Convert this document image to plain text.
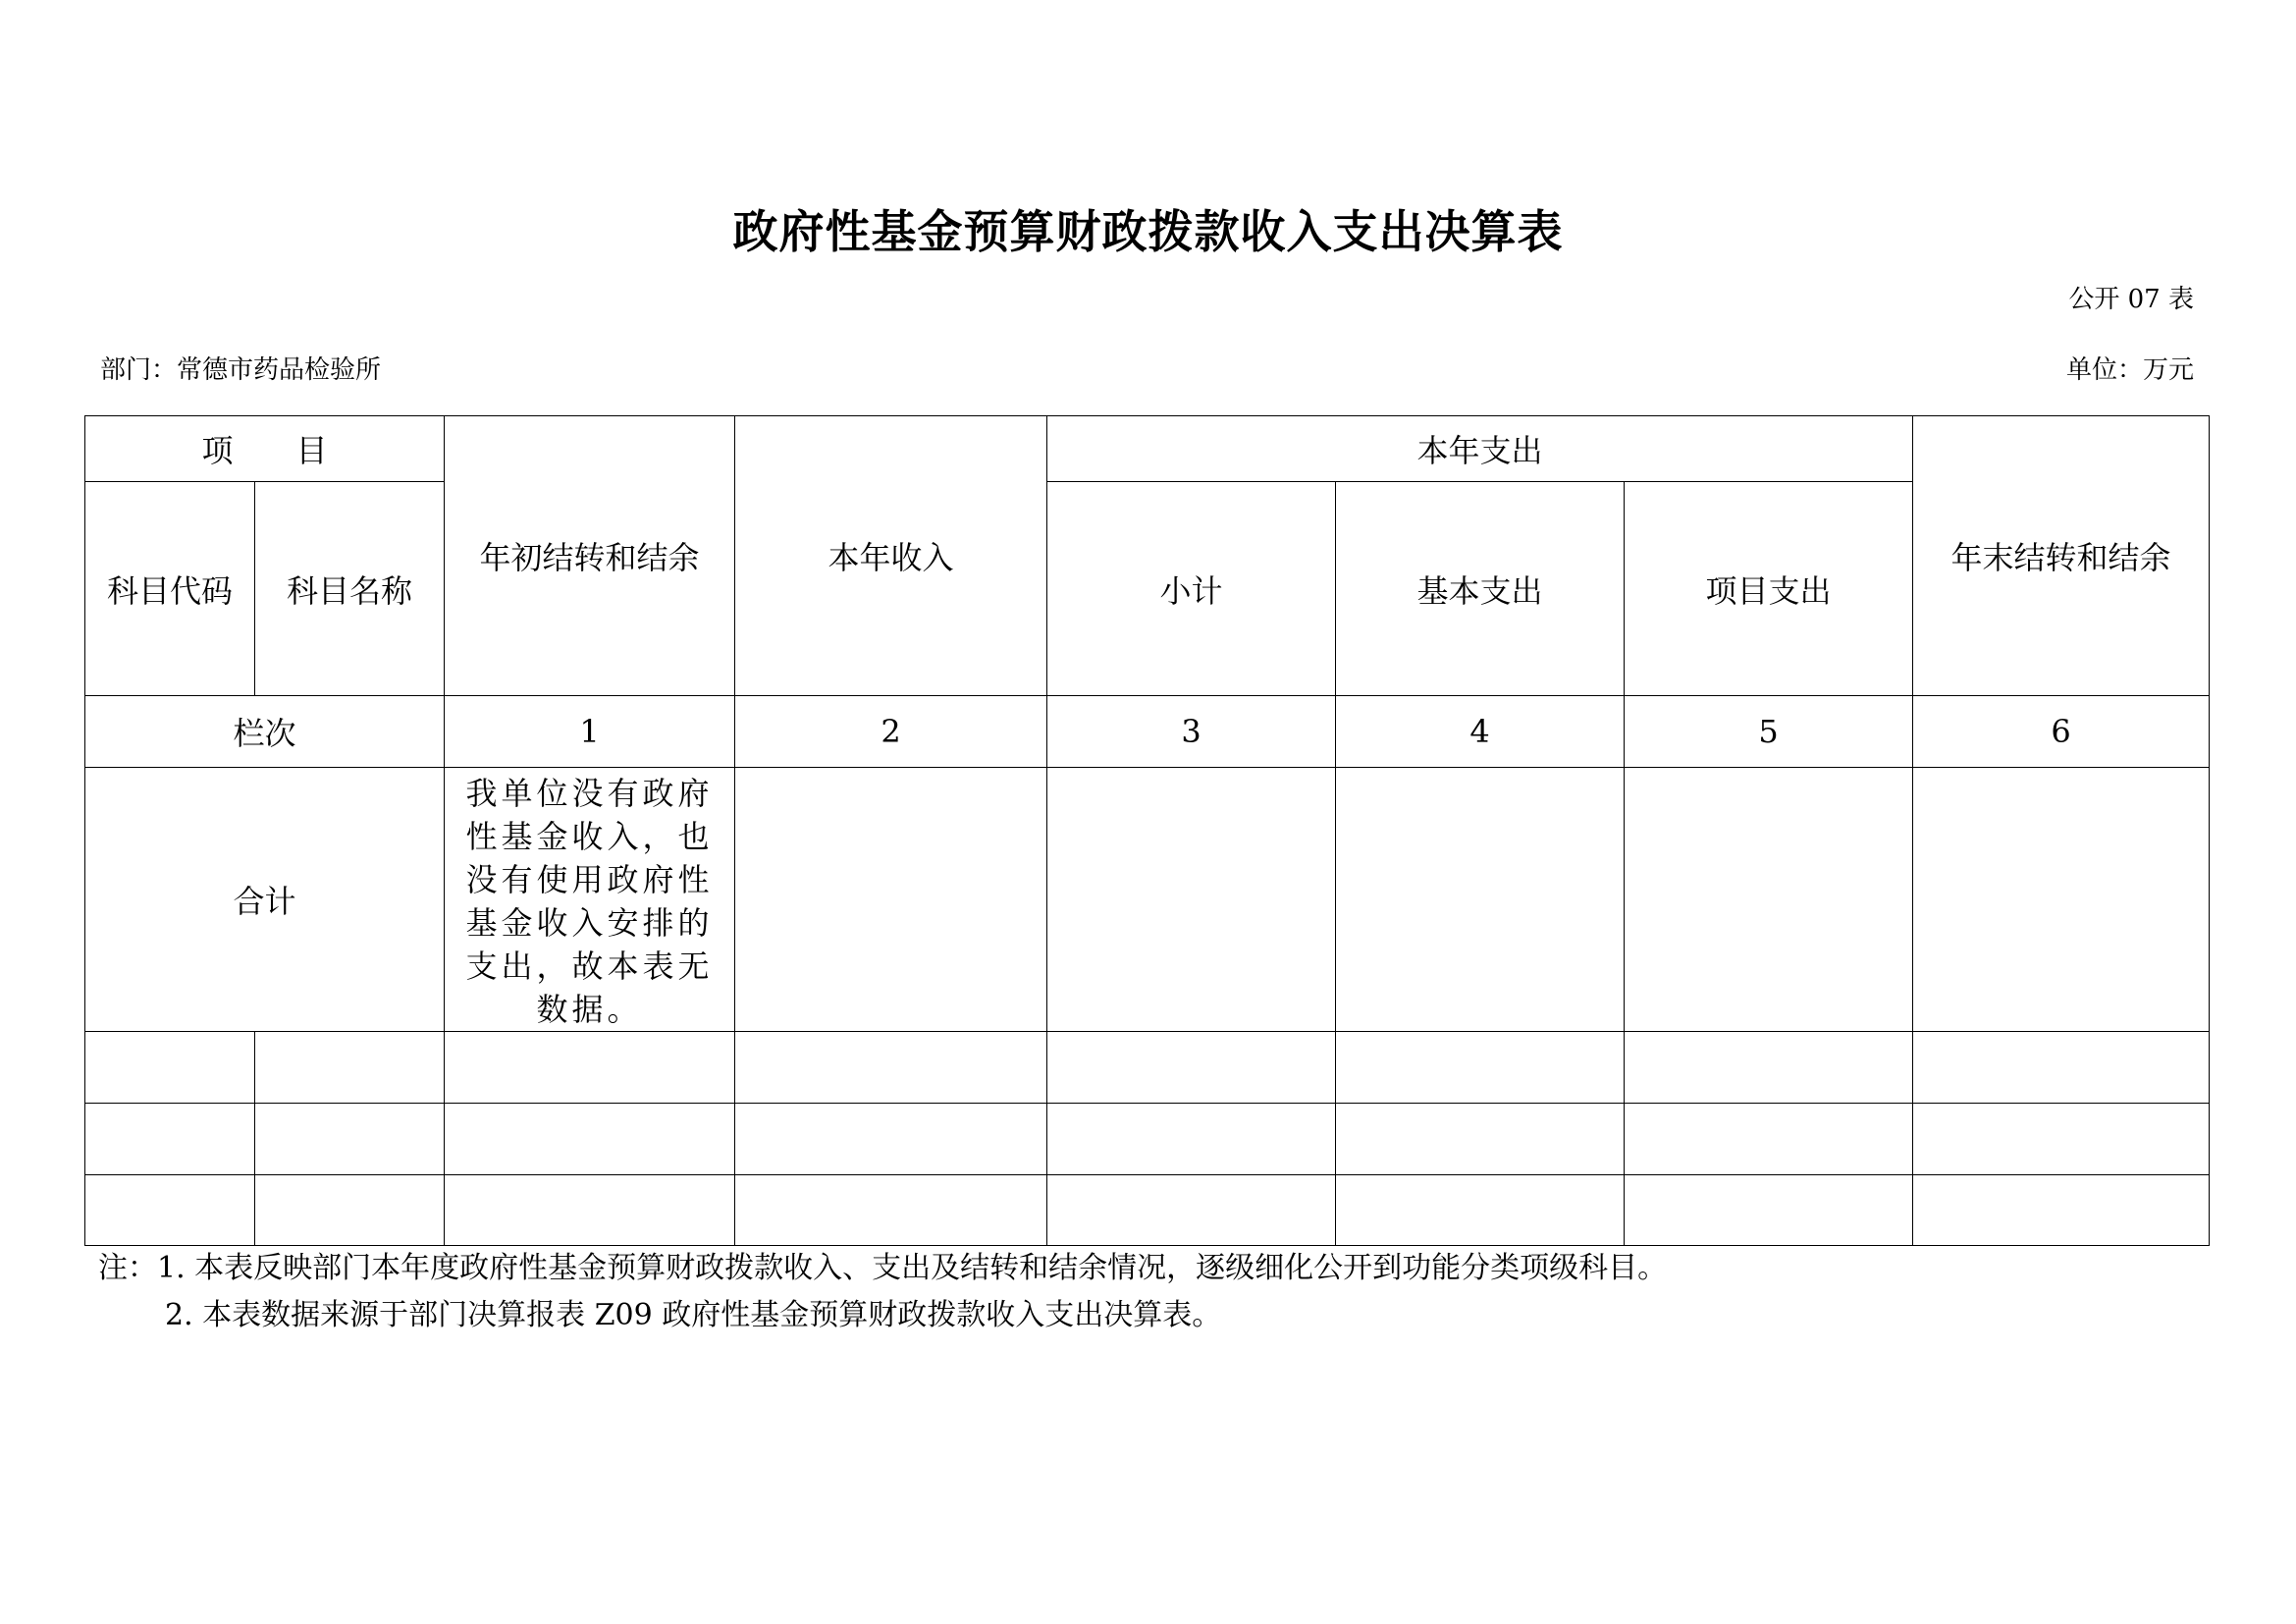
政府性基金预算财政拨款收入支出决算表
公开 07 表
部门：常德市药品检验所	单位：万元
项　　目		年初结转和结余	本年收入	本年支出			年末结转和结余
科目代码	科目名称			小计	基本支出	项目支出	
栏次		1	2	3	4	5	6
合计		我单位没有政府性基金收入，也没有使用政府性基金收入安排的支出，故本表无数据。					

注：1. 本表反映部门本年度政府性基金预算财政拨款收入、支出及结转和结余情况，逐级细化公开到功能分类项级科目。
2. 本表数据来源于部门决算报表 Z09 政府性基金预算财政拨款收入支出决算表。
